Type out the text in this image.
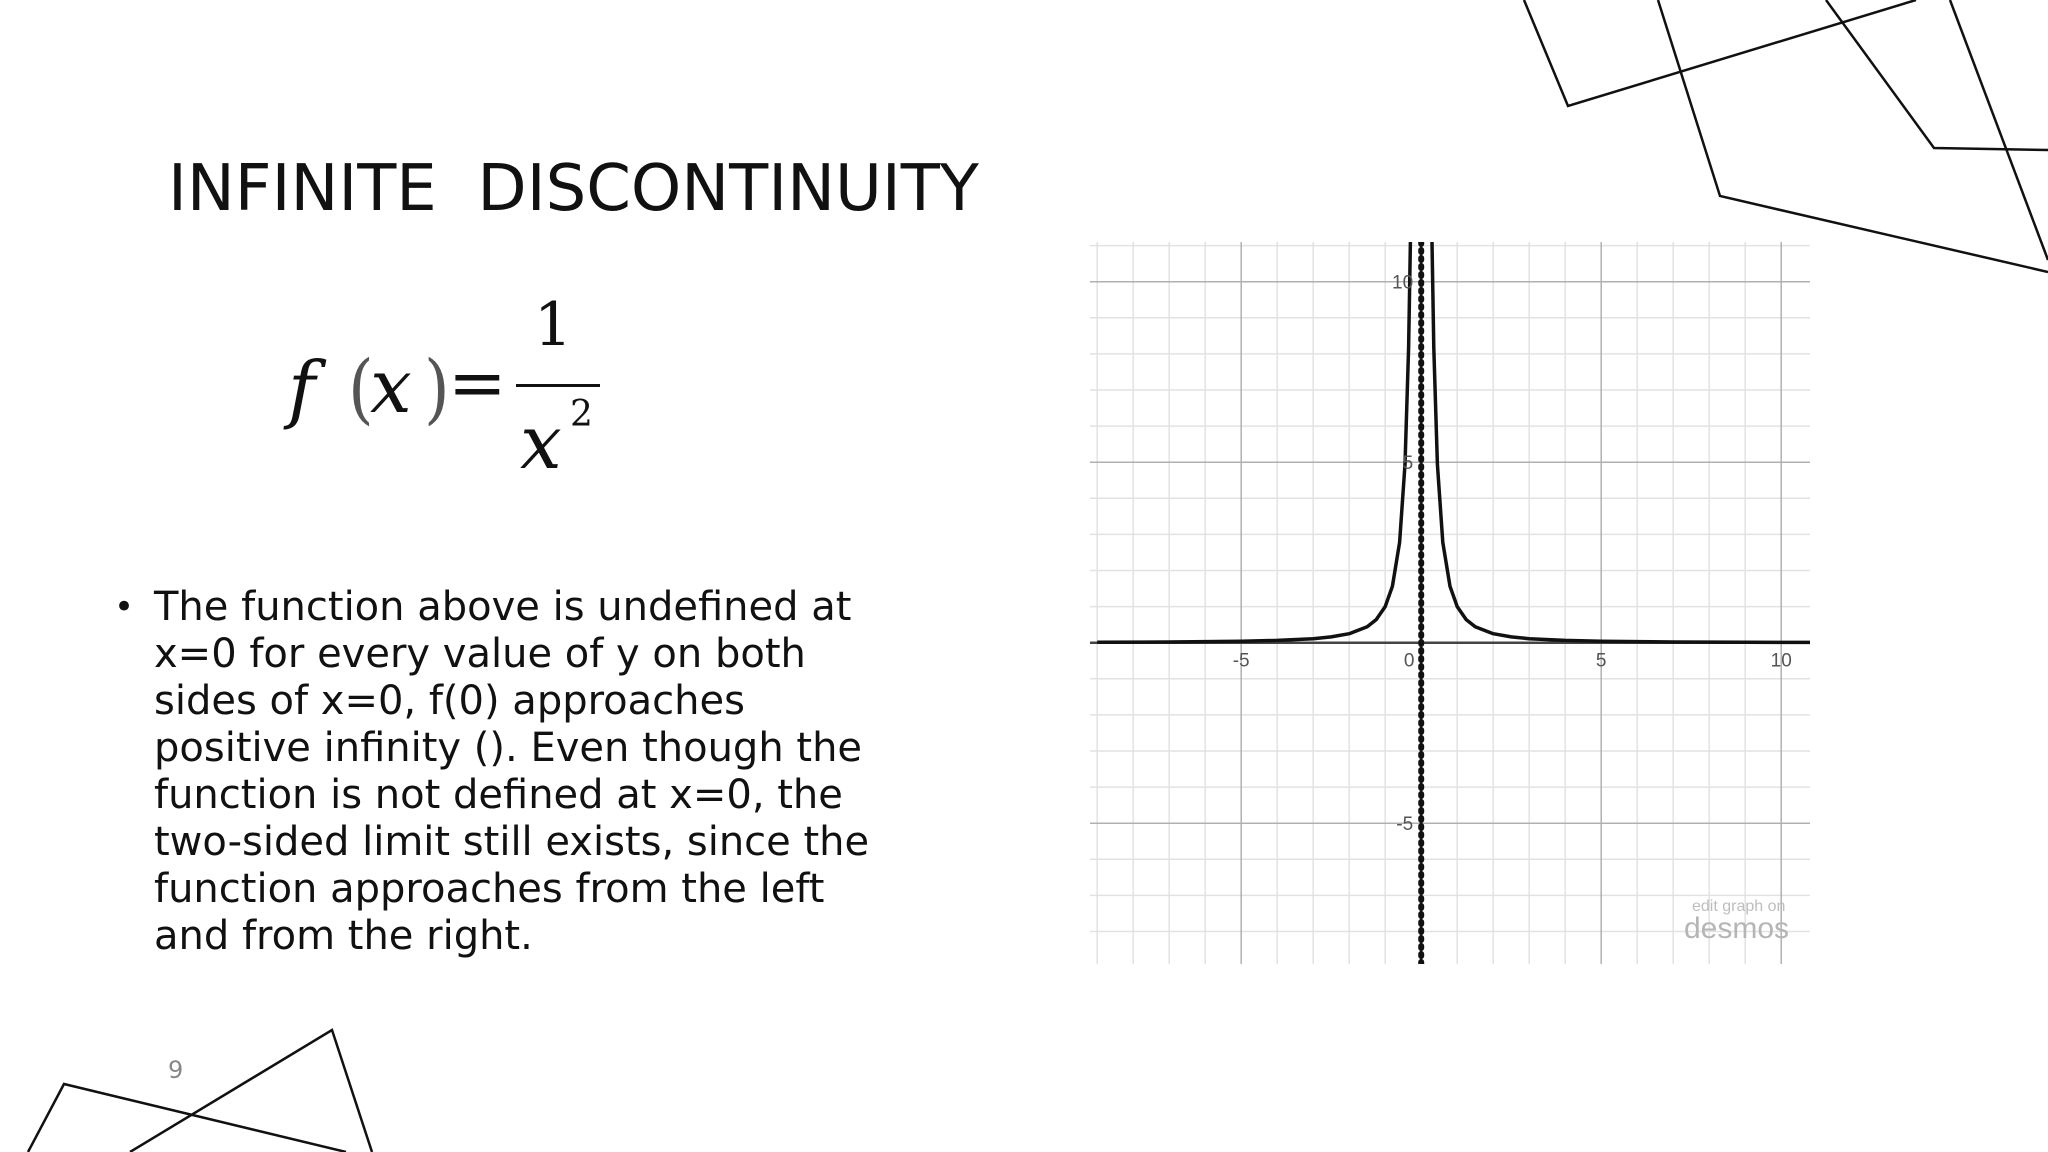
INFINITE  DISCONTINUITY
f (
x )
=
1
x 2
• The function above is undefined at x=0 for every value of y on both sides of x=0, f(0) approaches positive infinity (). Even though the function is not defined at x=0, the two-sided limit still exists, since the function approaches from the left and from the right.
-5	0	5	10
10
5
-5
edit graph on
desmos
9
